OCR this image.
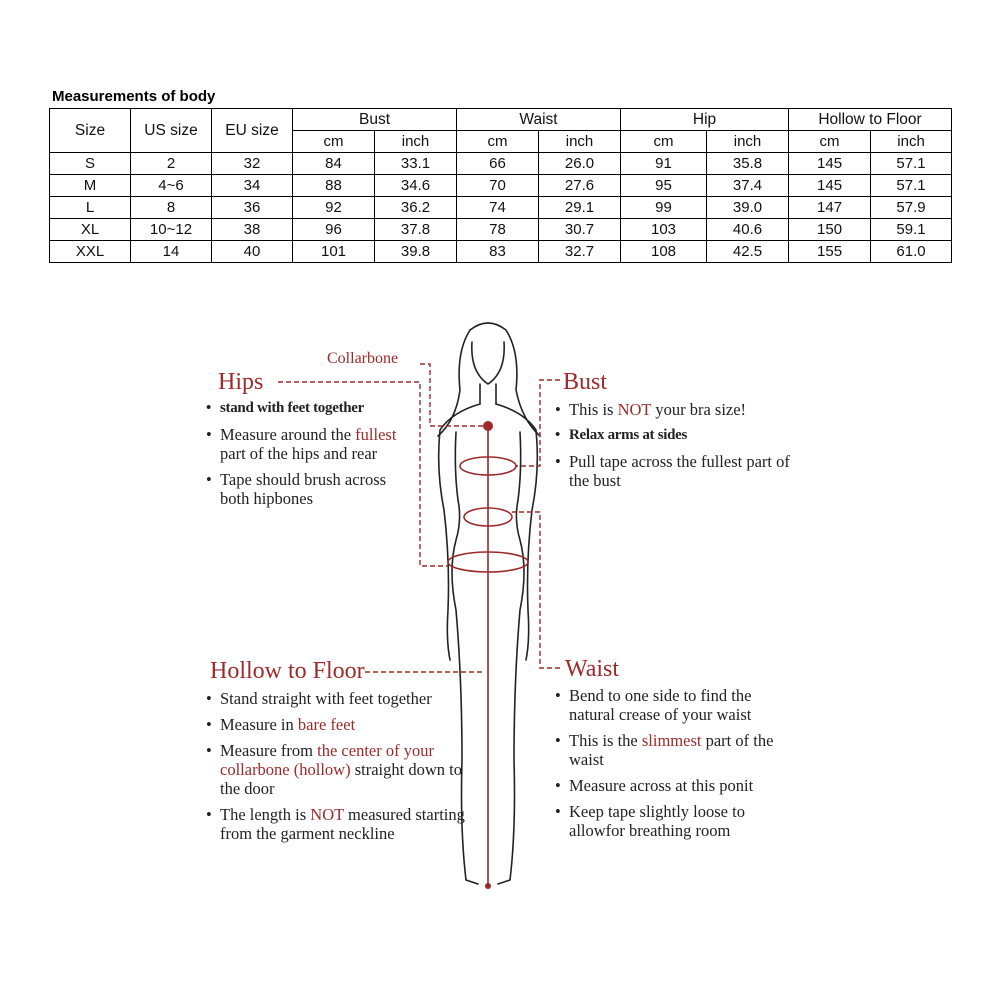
Measurements of body
Size	US size	EU size	Bust		Waist		Hip		Hollow to Floor	
			cm	inch	cm	inch	cm	inch	cm	inch
S	2	32	84	33.1	66	26.0	91	35.8	145	57.1
M	4~6	34	88	34.6	70	27.6	95	37.4	145	57.1
L	8	36	92	36.2	74	29.1	99	39.0	147	57.9
XL	10~12	38	96	37.8	78	30.7	103	40.6	150	59.1
XXL	14	40	101	39.8	83	32.7	108	42.5	155	61.0
Collarbone
Hips
• stand with feet together
• Measure around the fullest part of the hips and rear
• Tape should brush across both hipbones
Bust
• This is NOT your bra size!
• Relax arms at sides
• Pull tape across the fullest part of the bust
Hollow to Floor
• Stand straight with feet together
• Measure in bare feet
• Measure from the center of your collarbone (hollow) straight down to the door
• The length is NOT measured starting from the garment neckline
Waist
• Bend to one side to find the natural crease of your waist
• This is the slimmest part of the waist
• Measure across at this ponit
• Keep tape slightly loose to allowfor breathing room
